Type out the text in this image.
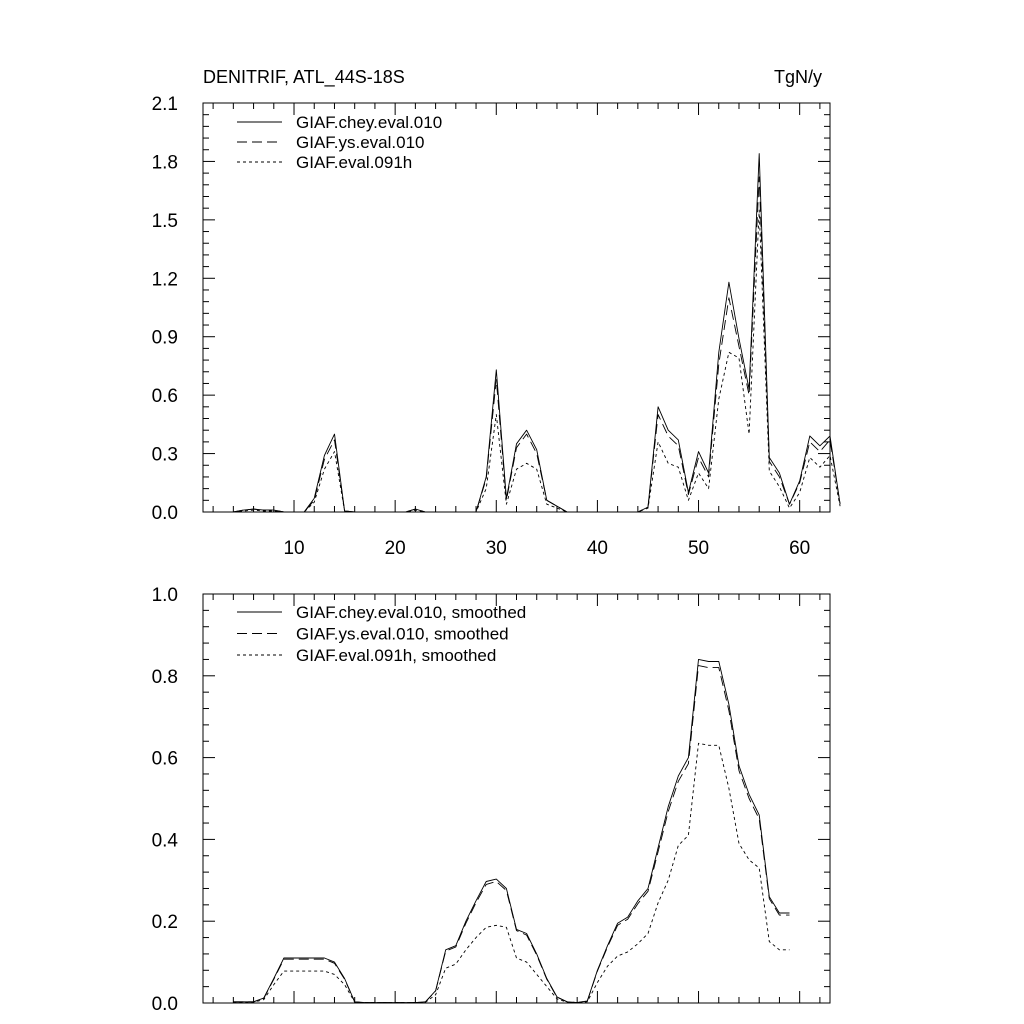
DENITRIF, ATL_44S-18S	TgN/y
10	20	30	40	50	60
0.0
0.3
0.6
0.9
1.2
1.5
1.8
2.1
GIAF.chey.eval.010
GIAF.ys.eval.010
GIAF.eval.091h
0.0
0.2
0.4
0.6
0.8
1.0
GIAF.chey.eval.010, smoothed
GIAF.ys.eval.010, smoothed
GIAF.eval.091h, smoothed
